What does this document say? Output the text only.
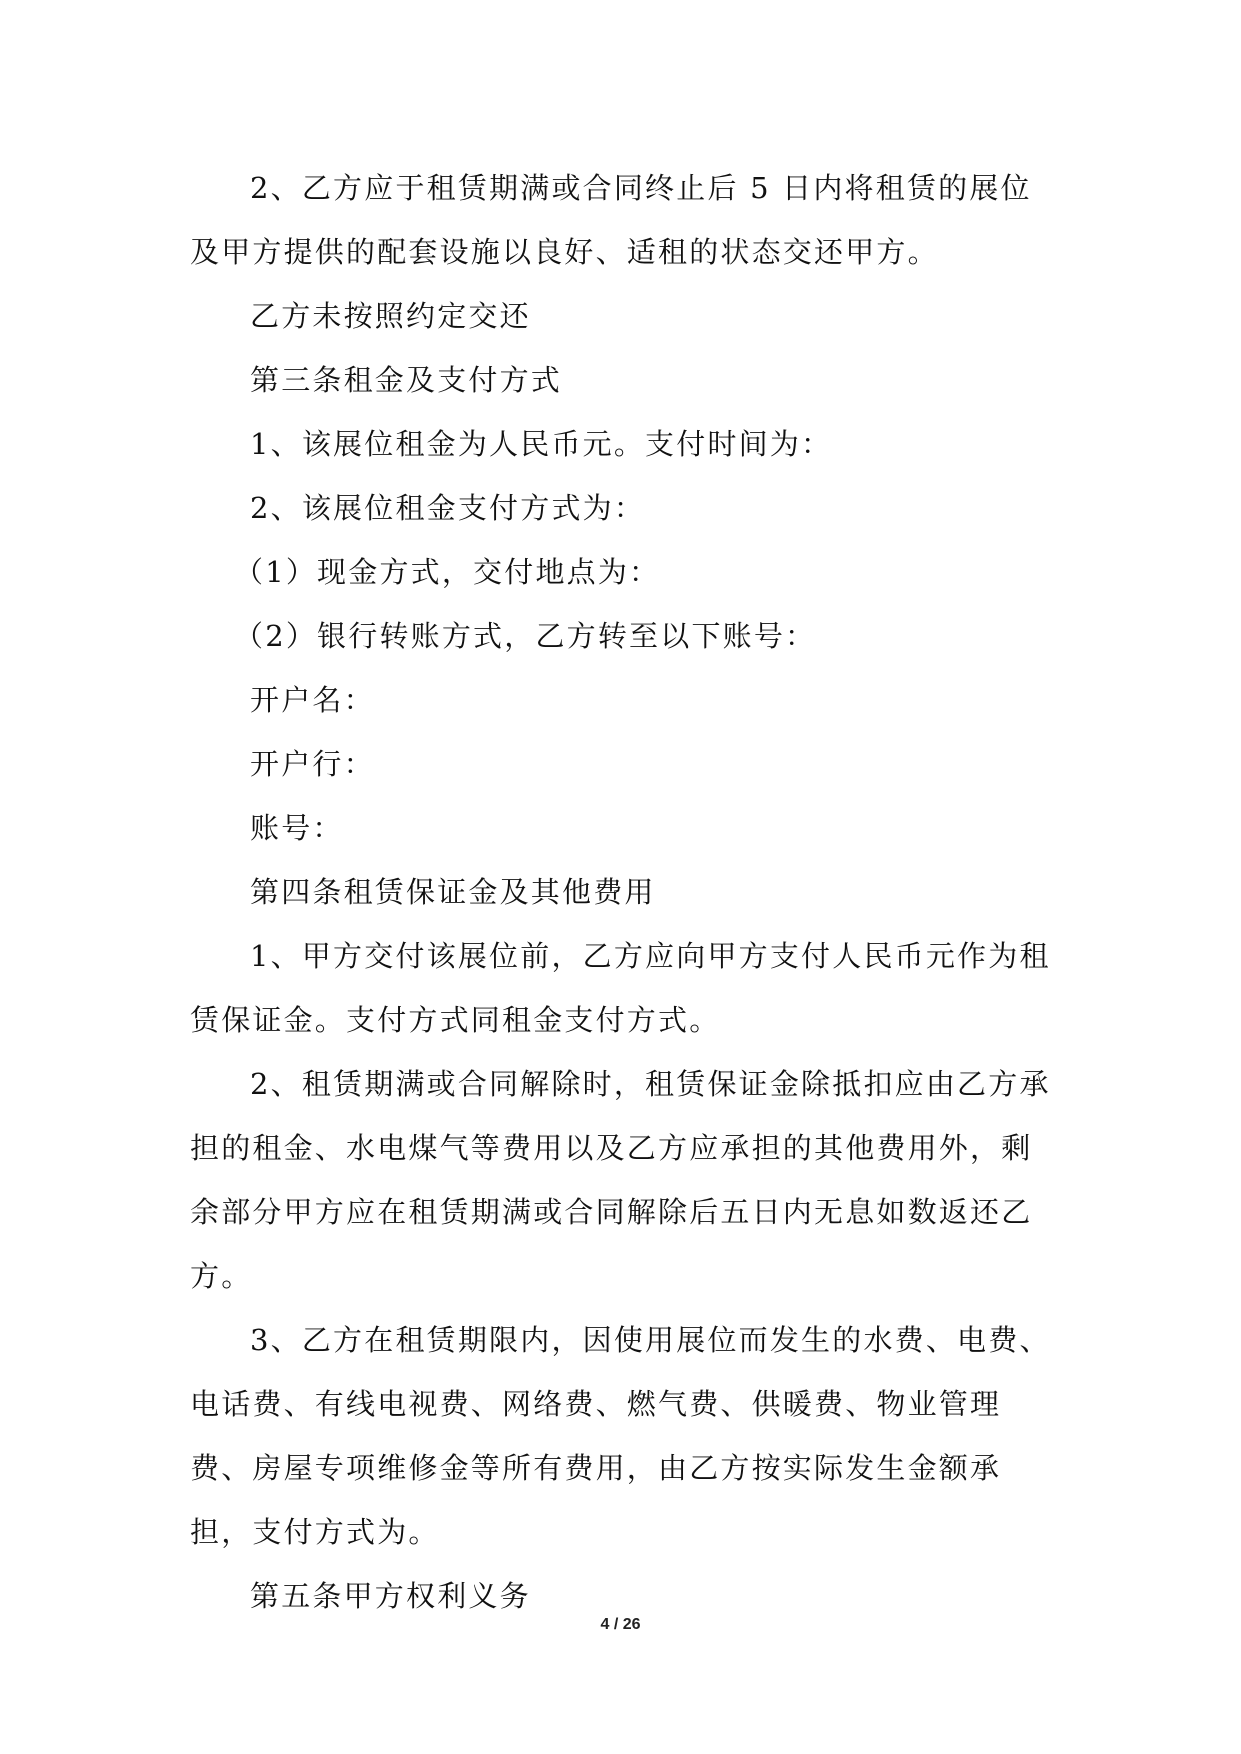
2、乙方应于租赁期满或合同终止后 5 日内将租赁的展位及甲方提供的配套设施以良好、适租的状态交还甲方。

乙方未按照约定交还

第三条租金及支付方式

1、该展位租金为人民币元。支付时间为：

2、该展位租金支付方式为：

（1）现金方式，交付地点为：

（2）银行转账方式，乙方转至以下账号：

开户名：

开户行：

账号：

第四条租赁保证金及其他费用

1、甲方交付该展位前，乙方应向甲方支付人民币元作为租赁保证金。支付方式同租金支付方式。

2、租赁期满或合同解除时，租赁保证金除抵扣应由乙方承担的租金、水电煤气等费用以及乙方应承担的其他费用外，剩余部分甲方应在租赁期满或合同解除后五日内无息如数返还乙方。

3、乙方在租赁期限内，因使用展位而发生的水费、电费、电话费、有线电视费、网络费、燃气费、供暖费、物业管理费、房屋专项维修金等所有费用，由乙方按实际发生金额承担，支付方式为。

第五条甲方权利义务

4 / 26
